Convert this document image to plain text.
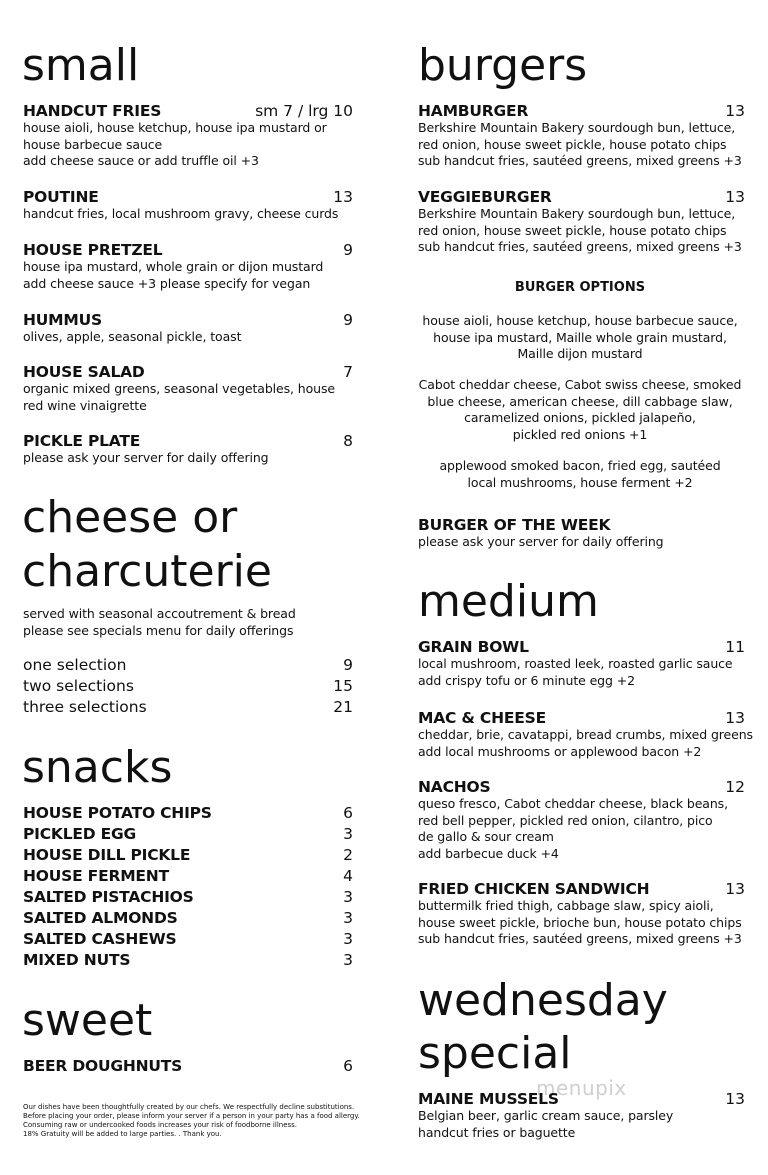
small
HANDCUT FRIES	sm 7 / lrg 10
house aioli, house ketchup, house ipa mustard or
house barbecue sauce
add cheese sauce or add truffle oil +3
POUTINE	13
handcut fries, local mushroom gravy, cheese curds
HOUSE PRETZEL	9
house ipa mustard, whole grain or dijon mustard
add cheese sauce +3 please specify for vegan
HUMMUS	9
olives, apple, seasonal pickle, toast
HOUSE SALAD	7
organic mixed greens, seasonal vegetables, house
red wine vinaigrette
PICKLE PLATE	8
please ask your server for daily offering
cheese or
charcuterie
served with seasonal accoutrement & bread
please see specials menu for daily offerings
one selection	9
two selections	15
three selections	21
snacks
HOUSE POTATO CHIPS	6
PICKLED EGG	3
HOUSE DILL PICKLE	2
HOUSE FERMENT	4
SALTED PISTACHIOS	3
SALTED ALMONDS	3
SALTED CASHEWS	3
MIXED NUTS	3
sweet
BEER DOUGHNUTS	6
Our dishes have been thoughtfully created by our chefs. We respectfully decline substitutions.
Before placing your order, please inform your server if a person in your party has a food allergy.
Consuming raw or undercooked foods increases your risk of foodborne illness.
18% Gratuity will be added to large parties. . Thank you.
burgers
HAMBURGER	13
Berkshire Mountain Bakery sourdough bun, lettuce,
red onion, house sweet pickle, house potato chips
sub handcut fries, sautéed greens, mixed greens +3
VEGGIEBURGER	13
Berkshire Mountain Bakery sourdough bun, lettuce,
red onion, house sweet pickle, house potato chips
sub handcut fries, sautéed greens, mixed greens +3
BURGER OPTIONS
house aioli, house ketchup, house barbecue sauce,
house ipa mustard, Maille whole grain mustard,
Maille dijon mustard
Cabot cheddar cheese, Cabot swiss cheese, smoked
blue cheese, american cheese, dill cabbage slaw,
caramelized onions, pickled jalapeño,
pickled red onions +1
applewood smoked bacon, fried egg, sautéed
local mushrooms, house ferment +2
BURGER OF THE WEEK
please ask your server for daily offering
medium
GRAIN BOWL	11
local mushroom, roasted leek, roasted garlic sauce
add crispy tofu or 6 minute egg +2
MAC & CHEESE	13
cheddar, brie, cavatappi, bread crumbs, mixed greens
add local mushrooms or applewood bacon +2
NACHOS	12
queso fresco, Cabot cheddar cheese, black beans,
red bell pepper, pickled red onion, cilantro, pico
de gallo & sour cream
add barbecue duck +4
FRIED CHICKEN SANDWICH	13
buttermilk fried thigh, cabbage slaw, spicy aioli,
house sweet pickle, brioche bun, house potato chips
sub handcut fries, sautéed greens, mixed greens +3
wednesday
special
menupix
MAINE MUSSELS	13
Belgian beer, garlic cream sauce, parsley
handcut fries or baguette
